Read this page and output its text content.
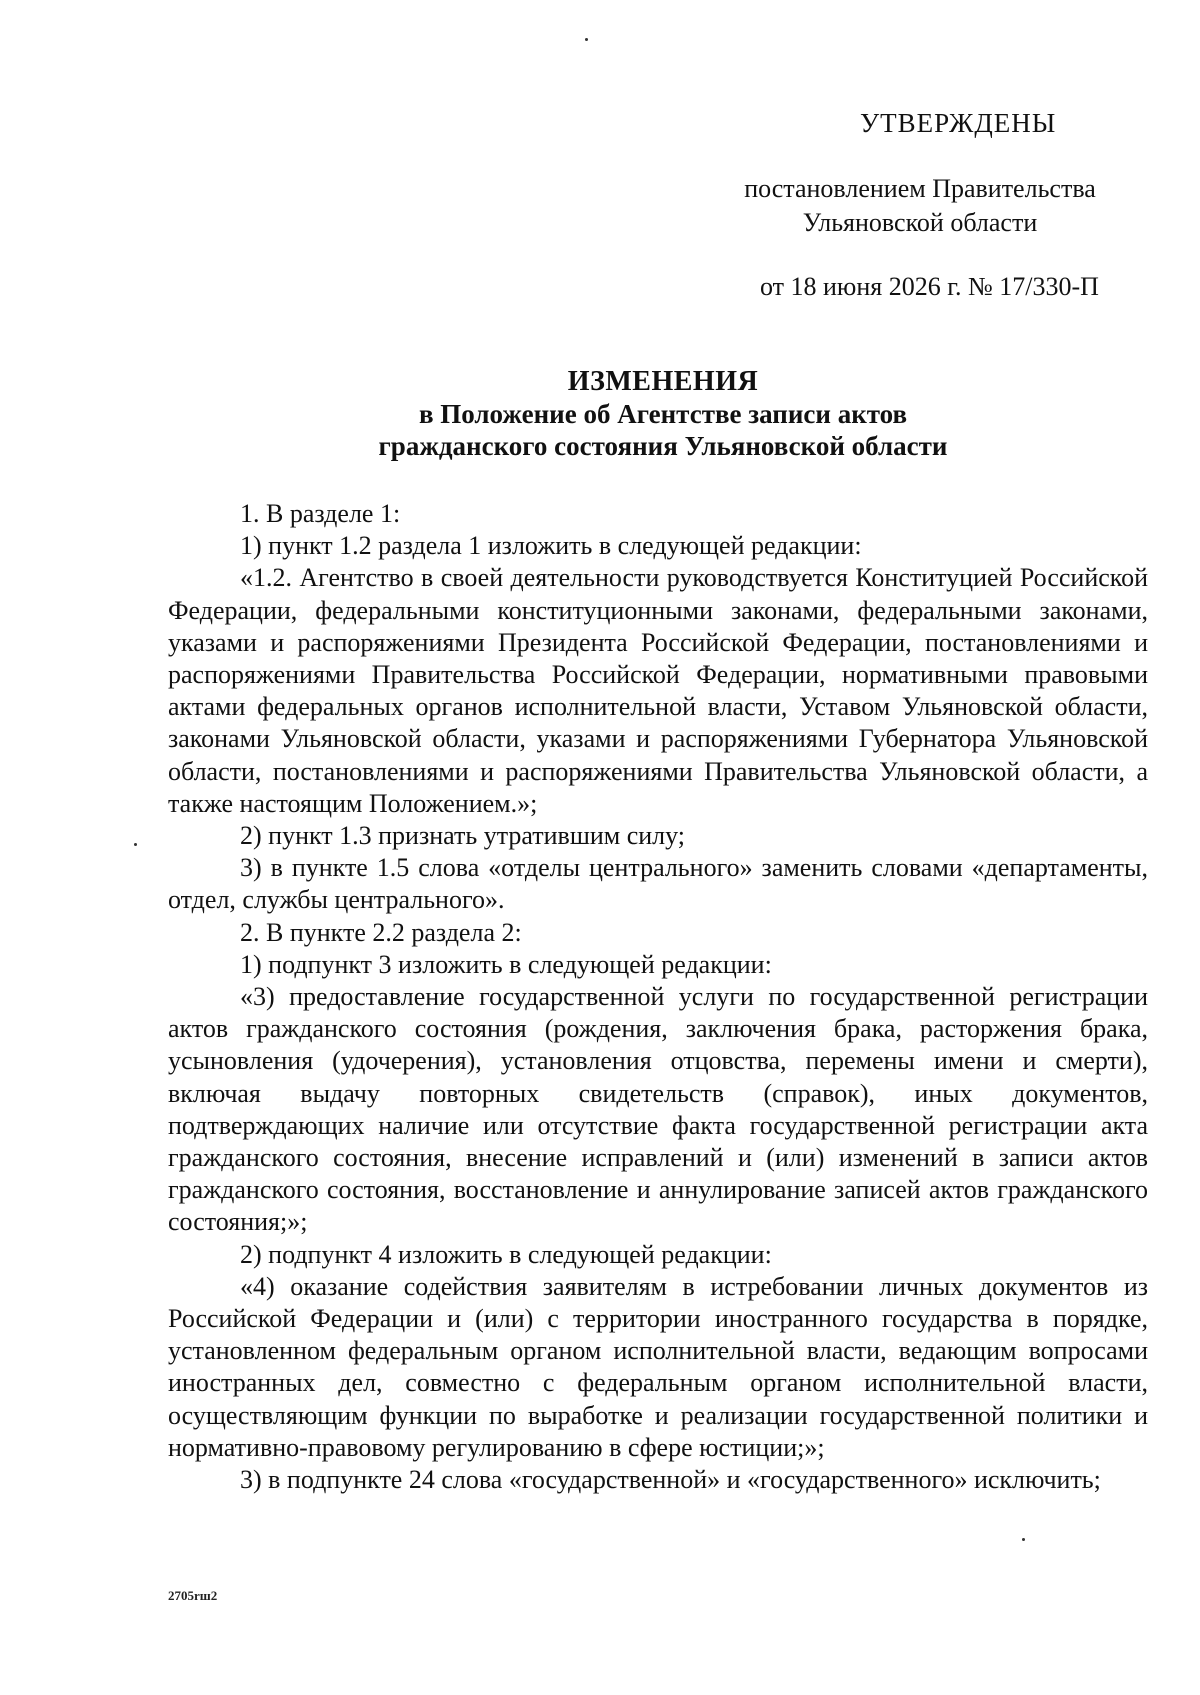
УТВЕРЖДЕНЫ
постановлением Правительства
Ульяновской области
от 18 июня 2026 г. № 17/330-П
ИЗМЕНЕНИЯ
в Положение об Агентстве записи актов
гражданского состояния Ульяновской области

1. В разделе 1:

1) пункт 1.2 раздела 1 изложить в следующей редакции:

«1.2. Агентство в своей деятельности руководствуется Конституцией Российской Федерации, федеральными конституционными законами, федеральными законами, указами и распоряжениями Президента Российской Федерации, постановлениями и распоряжениями Правительства Российской Федерации, нормативными правовыми актами федеральных органов исполнительной власти, Уставом Ульяновской области, законами Ульяновской области, указами и распоряжениями Губернатора Ульяновской области, постановлениями и распоряжениями Правительства Ульяновской области, а также настоящим Положением.»;

2) пункт 1.3 признать утратившим силу;

3) в пункте 1.5 слова «отделы центрального» заменить словами «департаменты, отдел, службы центрального».

2. В пункте 2.2 раздела 2:

1) подпункт 3 изложить в следующей редакции:

«3) предоставление государственной услуги по государственной регистрации актов гражданского состояния (рождения, заключения брака, расторжения брака, усыновления (удочерения), установления отцовства, перемены имени и смерти), включая выдачу повторных свидетельств (справок), иных документов, подтверждающих наличие или отсутствие факта государственной регистрации акта гражданского состояния, внесение исправлений и (или) изменений в записи актов гражданского состояния, восстановление и аннулирование записей актов гражданского состояния;»;

2) подпункт 4 изложить в следующей редакции:

«4) оказание содействия заявителям в истребовании личных документов из Российской Федерации и (или) с территории иностранного государства в порядке, установленном федеральным органом исполнительной власти, ведающим вопросами иностранных дел, совместно с федеральным органом исполнительной власти, осуществляющим функции по выработке и реализации государственной политики и нормативно-правовому регулированию в сфере юстиции;»;

3) в подпункте 24 слова «государственной» и «государственного» исключить;

2705rш2
